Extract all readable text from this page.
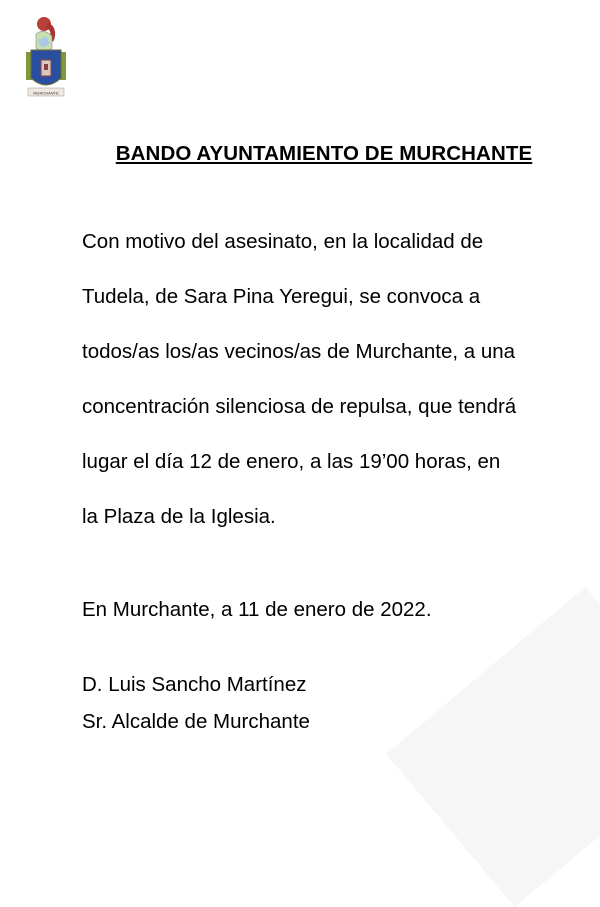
MURCHANTE
BANDO AYUNTAMIENTO DE MURCHANTE
Con motivo del asesinato, en la localidad de
Tudela, de Sara Pina Yeregui, se convoca a
todos/as los/as vecinos/as de Murchante, a una
concentración silenciosa de repulsa, que tendrá
lugar el día 12 de enero, a las 19’00 horas, en
la Plaza de la Iglesia.
En Murchante, a 11 de enero de 2022.
D. Luis Sancho Martínez
Sr. Alcalde de Murchante
